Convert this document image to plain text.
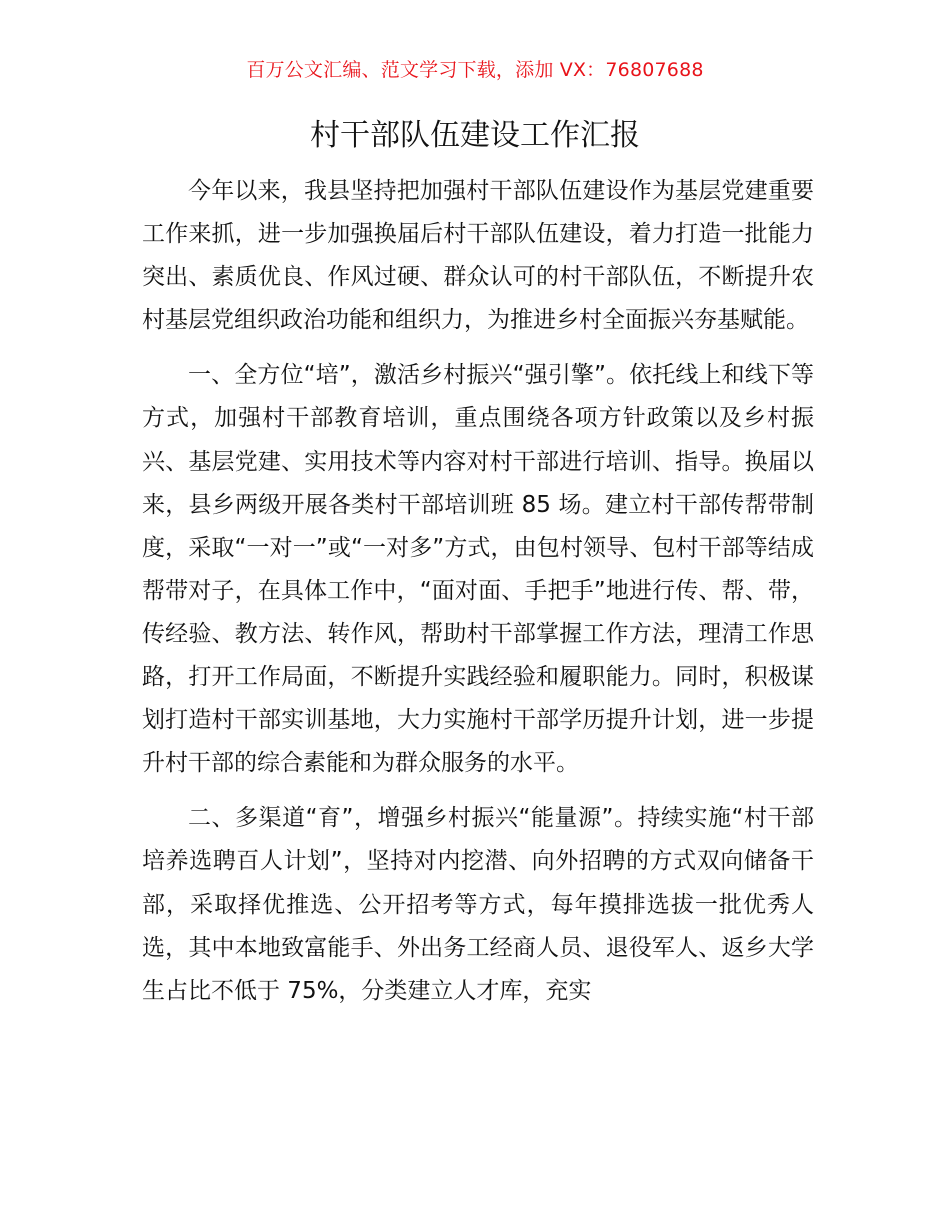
百万公文汇编、范文学习下载，添加 VX：76807688
村干部队伍建设工作汇报

今年以来，我县坚持把加强村干部队伍建设作为基层党建重要工作来抓，进一步加强换届后村干部队伍建设，着力打造一批能力突出、素质优良、作风过硬、群众认可的村干部队伍，不断提升农村基层党组织政治功能和组织力，为推进乡村全面振兴夯基赋能。

一、全方位“培”，激活乡村振兴“强引擎”。依托线上和线下等方式，加强村干部教育培训，重点围绕各项方针政策以及乡村振兴、基层党建、实用技术等内容对村干部进行培训、指导。换届以来，县乡两级开展各类村干部培训班 85 场。建立村干部传帮带制度，采取“一对一”或“一对多”方式，由包村领导、包村干部等结成帮带对子，在具体工作中，“面对面、手把手”地进行传、帮、带，传经验、教方法、转作风，帮助村干部掌握工作方法，理清工作思路，打开工作局面，不断提升实践经验和履职能力。同时，积极谋划打造村干部实训基地，大力实施村干部学历提升计划，进一步提升村干部的综合素能和为群众服务的水平。

二、多渠道“育”，增强乡村振兴“能量源”。持续实施“村干部培养选聘百人计划”，坚持对内挖潜、向外招聘的方式双向储备干部，采取择优推选、公开招考等方式，每年摸排选拔一批优秀人选，其中本地致富能手、外出务工经商人员、退役军人、返乡大学生占比不低于 75%，分类建立人才库，充实
